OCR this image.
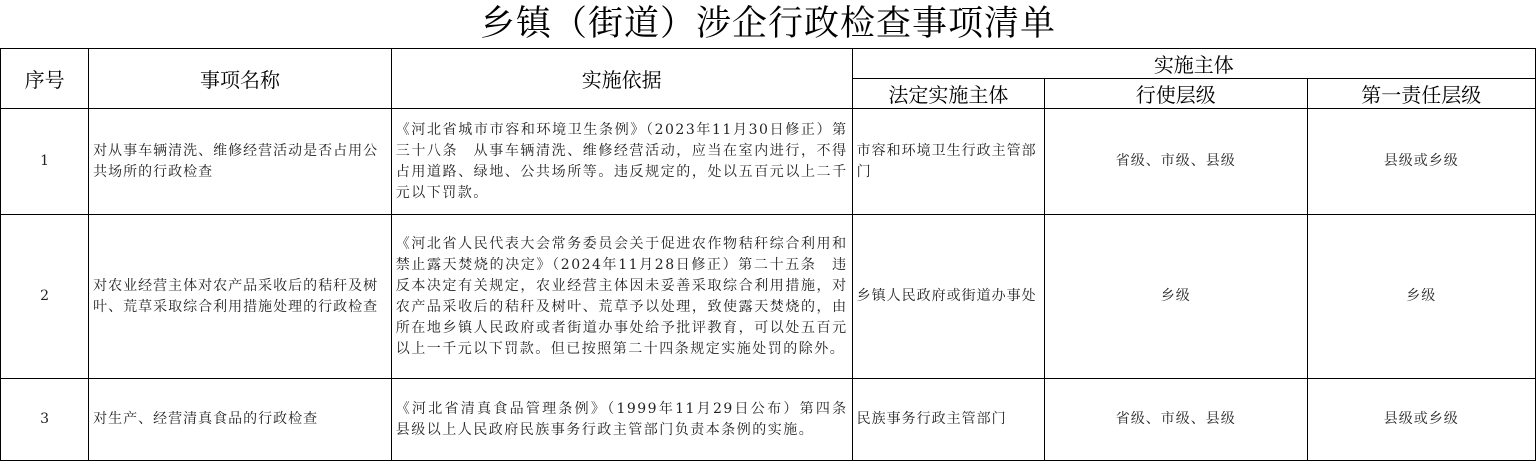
乡镇（街道）涉企行政检查事项清单
序号	事项名称	实施依据	实施主体		
			法定实施主体	行使层级	第一责任层级
1	对从事车辆清洗、维修经营活动是否占用公共场所的行政检查	《河北省城市市容和环境卫生条例》（2023年11月30日修正）第三十八条　从事车辆清洗、维修经营活动，应当在室内进行，不得占用道路、绿地、公共场所等。违反规定的，处以五百元以上二千元以下罚款。	市容和环境卫生行政主管部门	省级、市级、县级	县级或乡级
2	对农业经营主体对农产品采收后的秸秆及树叶、荒草采取综合利用措施处理的行政检查	《河北省人民代表大会常务委员会关于促进农作物秸秆综合利用和禁止露天焚烧的决定》（2024年11月28日修正）第二十五条　违反本决定有关规定，农业经营主体因未妥善采取综合利用措施，对农产品采收后的秸秆及树叶、荒草予以处理，致使露天焚烧的，由所在地乡镇人民政府或者街道办事处给予批评教育，可以处五百元以上一千元以下罚款。但已按照第二十四条规定实施处罚的除外。	乡镇人民政府或街道办事处	乡级	乡级
3	对生产、经营清真食品的行政检查	《河北省清真食品管理条例》（1999年11月29日公布）第四条　县级以上人民政府民族事务行政主管部门负责本条例的实施。	民族事务行政主管部门	省级、市级、县级	县级或乡级
